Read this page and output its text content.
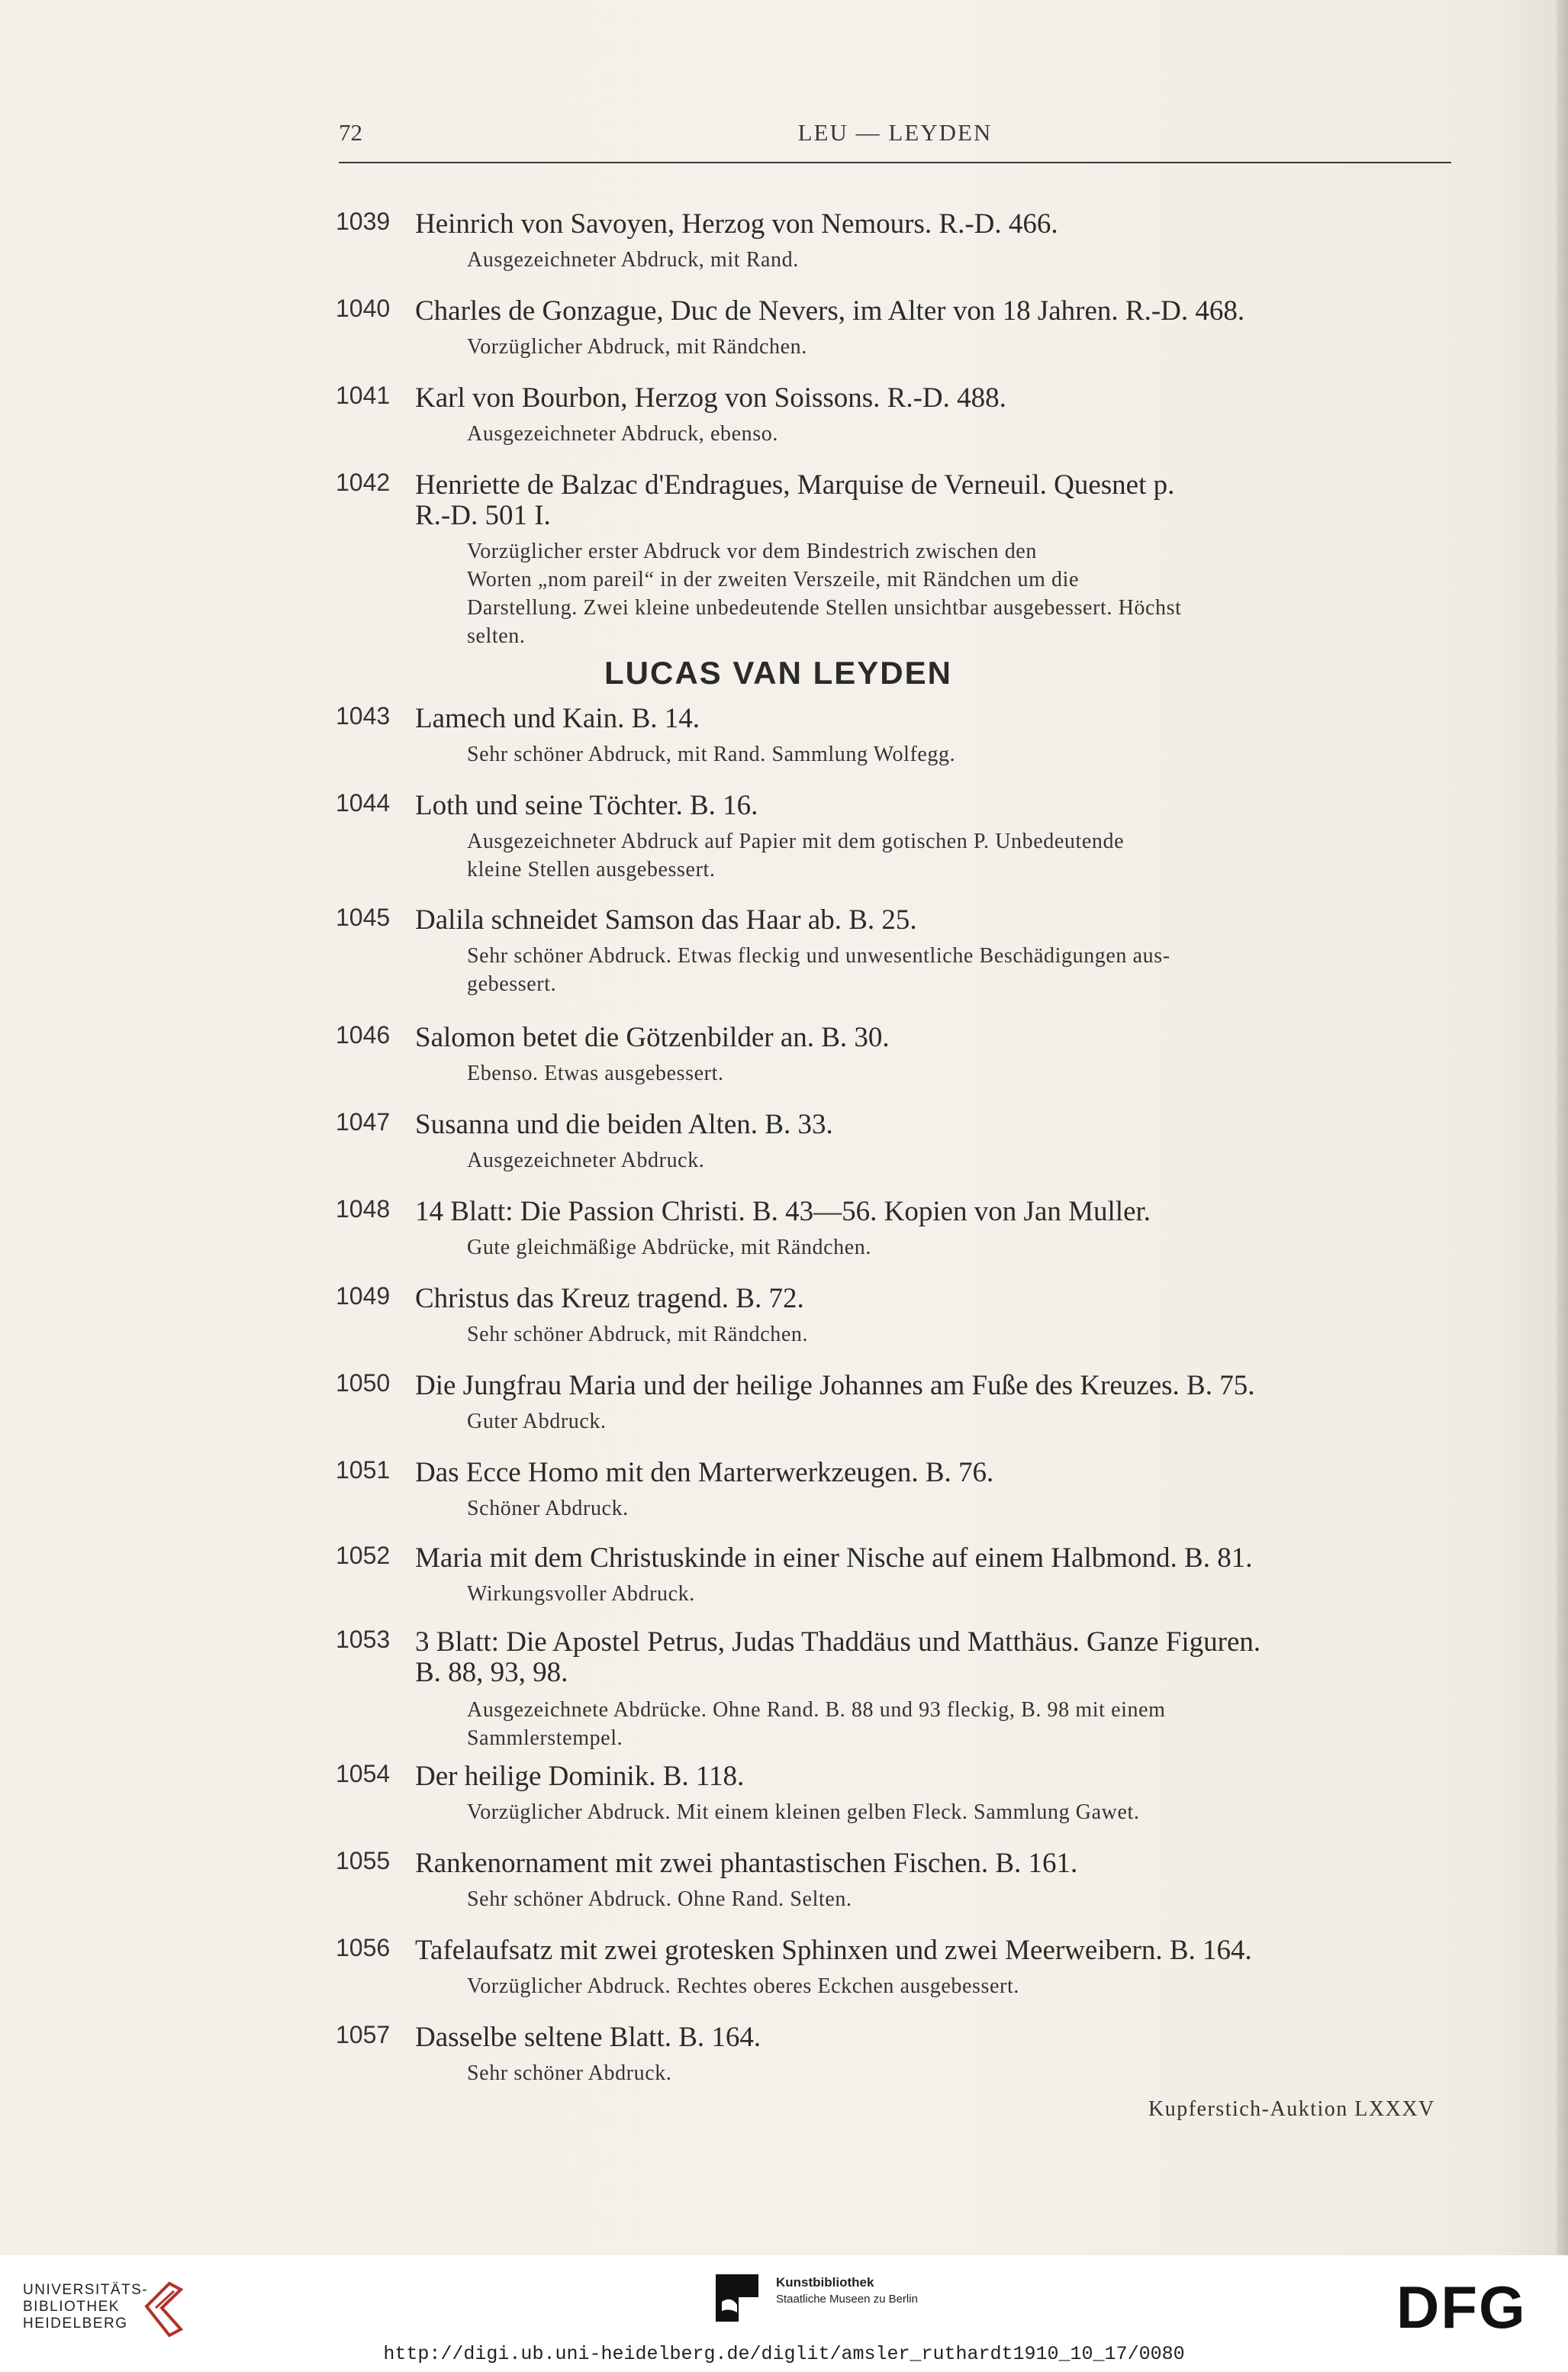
72	LEU — LEYDEN
1039 Heinrich von Savoyen, Herzog von Nemours. R.-D. 466.
Ausgezeichneter Abdruck, mit Rand.
1040 Charles de Gonzague, Duc de Nevers, im Alter von 18 Jahren. R.-D. 468.
Vorzüglicher Abdruck, mit Rändchen.
1041 Karl von Bourbon, Herzog von Soissons. R.-D. 488.
Ausgezeichneter Abdruck, ebenso.
1042 Henriette de Balzac d'Endragues, Marquise de Verneuil. Quesnet p.
R.-D. 501 I.
Vorzüglicher erster Abdruck vor dem Bindestrich zwischen den
Worten „nom pareil“ in der zweiten Verszeile, mit Rändchen um die
Darstellung. Zwei kleine unbedeutende Stellen unsichtbar ausgebessert. Höchst
selten.
LUCAS VAN LEYDEN
1043 Lamech und Kain. B. 14.
Sehr schöner Abdruck, mit Rand. Sammlung Wolfegg.
1044 Loth und seine Töchter. B. 16.
Ausgezeichneter Abdruck auf Papier mit dem gotischen P. Unbedeutende
kleine Stellen ausgebessert.
1045 Dalila schneidet Samson das Haar ab. B. 25.
Sehr schöner Abdruck. Etwas fleckig und unwesentliche Beschädigungen aus-
gebessert.
1046 Salomon betet die Götzenbilder an. B. 30.
Ebenso. Etwas ausgebessert.
1047 Susanna und die beiden Alten. B. 33.
Ausgezeichneter Abdruck.
1048 14 Blatt: Die Passion Christi. B. 43—56. Kopien von Jan Muller.
Gute gleichmäßige Abdrücke, mit Rändchen.
1049 Christus das Kreuz tragend. B. 72.
Sehr schöner Abdruck, mit Rändchen.
1050 Die Jungfrau Maria und der heilige Johannes am Fuße des Kreuzes. B. 75.
Guter Abdruck.
1051 Das Ecce Homo mit den Marterwerkzeugen. B. 76.
Schöner Abdruck.
1052 Maria mit dem Christuskinde in einer Nische auf einem Halbmond. B. 81.
Wirkungsvoller Abdruck.
1053 3 Blatt: Die Apostel Petrus, Judas Thaddäus und Matthäus. Ganze Figuren.
B. 88, 93, 98.
Ausgezeichnete Abdrücke. Ohne Rand. B. 88 und 93 fleckig, B. 98 mit einem
Sammlerstempel.
1054 Der heilige Dominik. B. 118.
Vorzüglicher Abdruck. Mit einem kleinen gelben Fleck. Sammlung Gawet.
1055 Rankenornament mit zwei phantastischen Fischen. B. 161.
Sehr schöner Abdruck. Ohne Rand. Selten.
1056 Tafelaufsatz mit zwei grotesken Sphinxen und zwei Meerweibern. B. 164.
Vorzüglicher Abdruck. Rechtes oberes Eckchen ausgebessert.
1057 Dasselbe seltene Blatt. B. 164.
Sehr schöner Abdruck.
Kupferstich-Auktion LXXXV
UNIVERSITÄTS-
BIBLIOTHEK
HEIDELBERG
Kunstbibliothek
Staatliche Museen zu Berlin	DFG
http://digi.ub.uni-heidelberg.de/diglit/amsler_ruthardt1910_10_17/0080
